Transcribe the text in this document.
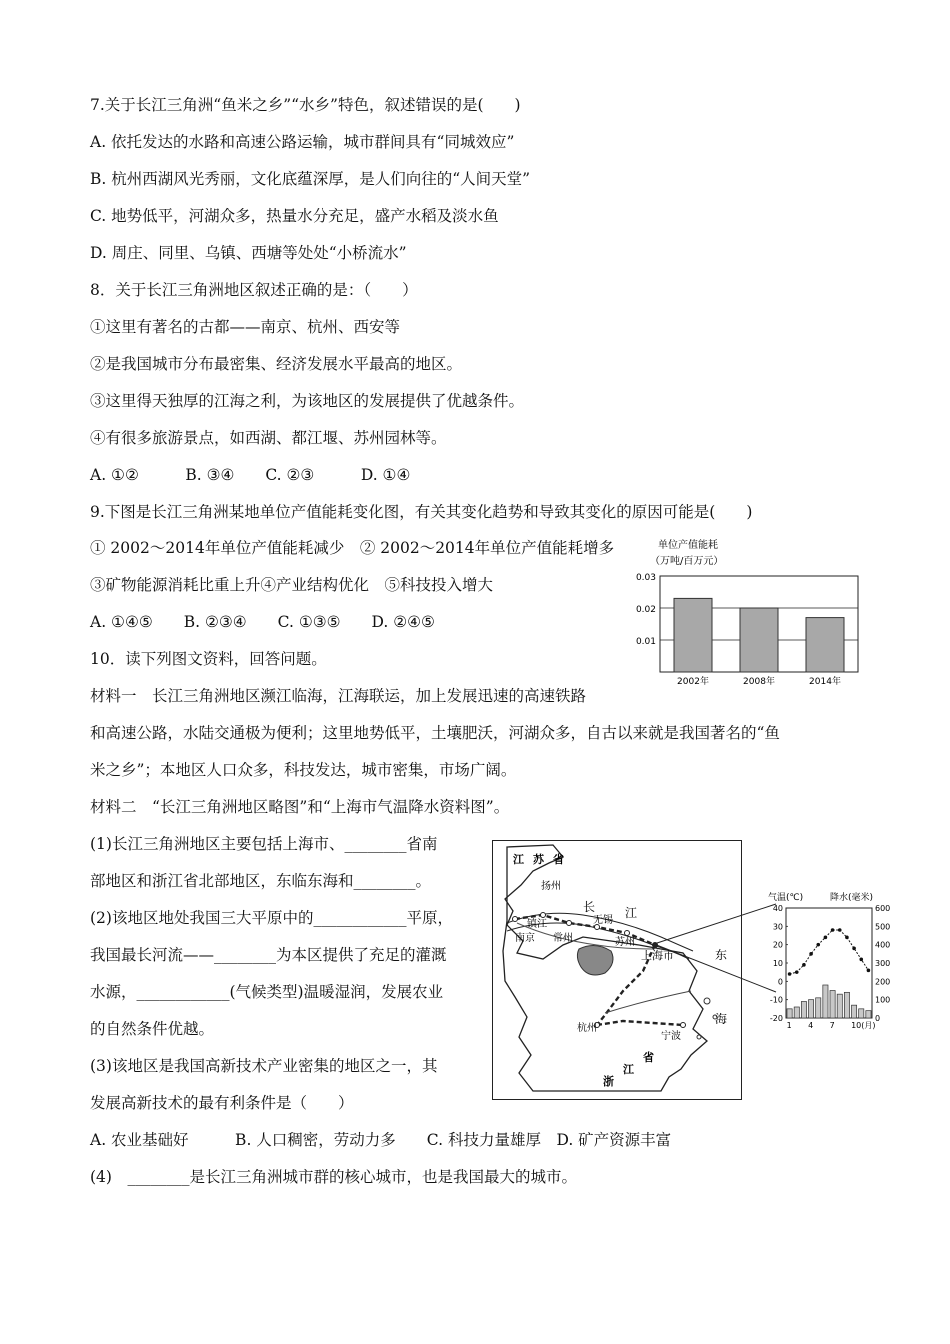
7.关于长江三角洲“鱼米之乡”“水乡”特色，叙述错误的是(　　)
A. 依托发达的水路和高速公路运输，城市群间具有“同城效应”
B. 杭州西湖风光秀丽，文化底蕴深厚，是人们向往的“人间天堂”
C. 地势低平，河湖众多，热量水分充足，盛产水稻及淡水鱼
D. 周庄、同里、乌镇、西塘等处处“小桥流水”
8．关于长江三角洲地区叙述正确的是：（　　）
①这里有著名的古都——南京、杭州、西安等
②是我国城市分布最密集、经济发展水平最高的地区。
③这里得天独厚的江海之利，为该地区的发展提供了优越条件。
④有很多旅游景点，如西湖、都江堰、苏州园林等。
A. ①②　　　B. ③④　　C. ②③　　　D. ①④
9.下图是长江三角洲某地单位产值能耗变化图，有关其变化趋势和导致其变化的原因可能是(　　)
① 2002～2014年单位产值能耗减少　② 2002～2014年单位产值能耗增多
③矿物能源消耗比重上升④产业结构优化　⑤科技投入增大
A. ①④⑤　　B. ②③④　　C. ①③⑤　　D. ②④⑤
10．读下列图文资料，回答问题。
材料一　长江三角洲地区濒江临海，江海联运，加上发展迅速的高速铁路
和高速公路，水陆交通极为便利；这里地势低平，土壤肥沃，河湖众多，自古以来就是我国著名的“鱼
米之乡”；本地区人口众多，科技发达，城市密集，市场广阔。
材料二　“长江三角洲地区略图”和“上海市气温降水资料图”。
(1)长江三角洲地区主要包括上海市、________省南
部地区和浙江省北部地区，东临东海和________。
(2)该地区地处我国三大平原中的____________平原，
我国最长河流——________为本区提供了充足的灌溉
水源，____________(气候类型)温暖湿润，发展农业
的自然条件优越。
(3)该地区是我国高新技术产业密集的地区之一，其
发展高新技术的最有利条件是（　　）
A. 农业基础好　　　B. 人口稠密，劳动力多　　C. 科技力量雄厚　D. 矿产资源丰富
(4)　________是长江三角洲城市群的核心城市，也是我国最大的城市。
单位产值能耗
（万吨/百万元）
0.03
0.02
0.01
2002年	2008年	2014年
江 苏 省
扬州
长 江
镇江	无锡
南京 常州	苏州
上海市	东
海
杭州
宁波
浙
江
省
气温(℃)	降水(毫米)
40
30
20
10
0
-10
-20
600
500
400
300
200
100
0
1 4 7 10(月)
